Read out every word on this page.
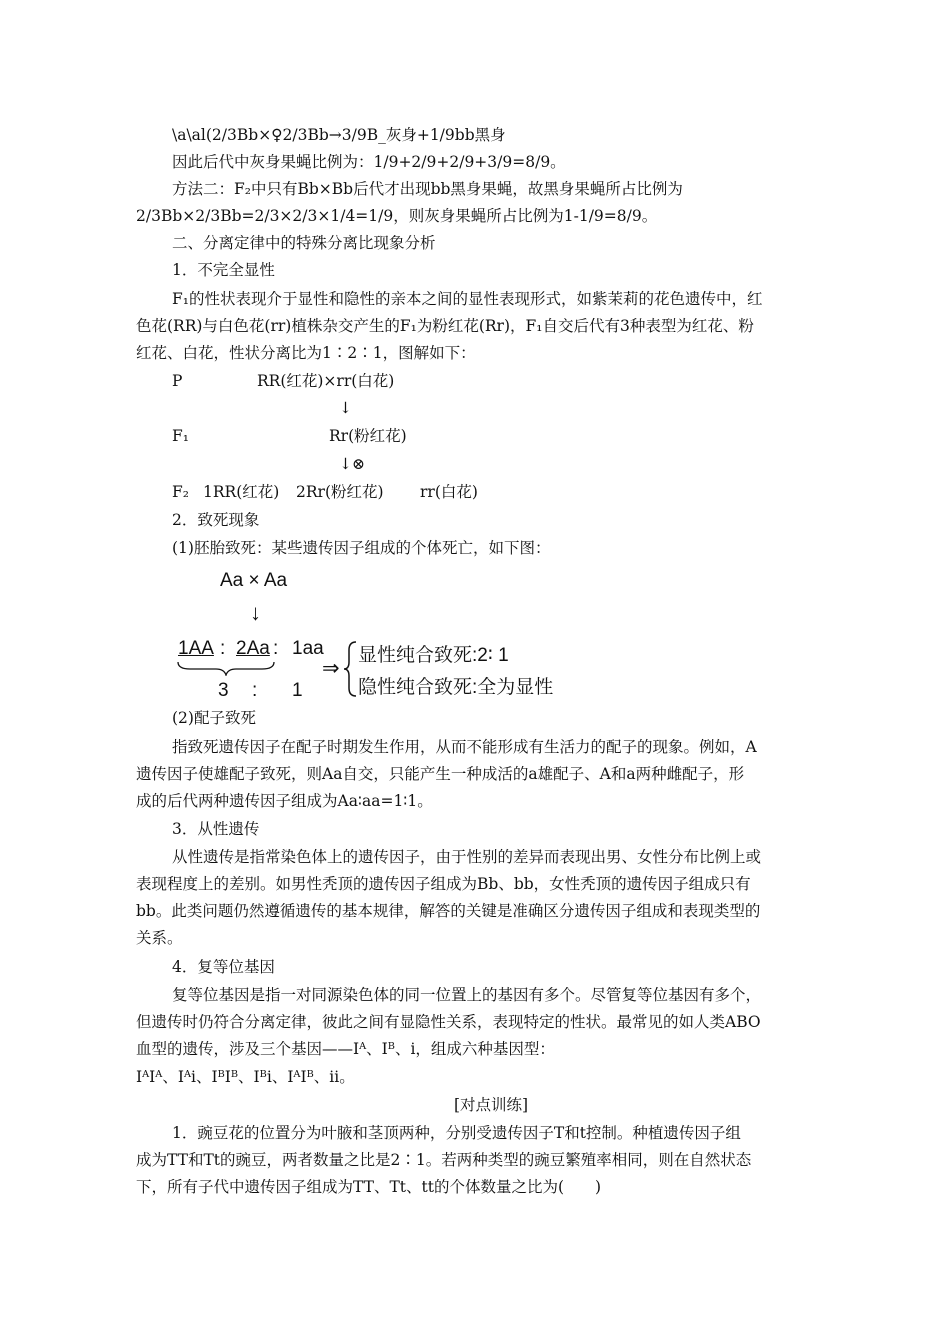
\a\al(2/3Bb×♀2/3Bb→3/9B_灰身+1/9bb黑身
因此后代中灰身果蝇比例为：1/9+2/9+2/9+3/9=8/9。
方法二：F₂中只有Bb×Bb后代才出现bb黑身果蝇，故黑身果蝇所占比例为
2/3Bb×2/3Bb=2/3×2/3×1/4=1/9，则灰身果蝇所占比例为1-1/9=8/9。
二、分离定律中的特殊分离比现象分析
1．不完全显性
F₁的性状表现介于显性和隐性的亲本之间的显性表现形式，如紫茉莉的花色遗传中，红
色花(RR)与白色花(rr)植株杂交产生的F₁为粉红花(Rr)，F₁自交后代有3种表型为红花、粉
红花、白花，性状分离比为1∶2∶1，图解如下：
P	RR(红花)×rr(白花)
↓
F₁	Rr(粉红花)
↓⊗
F₂ 1RR(红花) 2Rr(粉红花) rr(白花)
2．致死现象
(1)胚胎致死：某些遗传因子组成的个体死亡，如下图：
Aa × Aa
↓
1AA : 2Aa : 1aa
3 : 1
⇒
显性纯合致死:2∶ 1
隐性纯合致死:全为显性
(2)配子致死
指致死遗传因子在配子时期发生作用，从而不能形成有生活力的配子的现象。例如，A
遗传因子使雄配子致死，则Aa自交，只能产生一种成活的a雄配子、A和a两种雌配子，形
成的后代两种遗传因子组成为Aa∶aa=1∶1。
3．从性遗传
从性遗传是指常染色体上的遗传因子，由于性别的差异而表现出男、女性分布比例上或
表现程度上的差别。如男性秃顶的遗传因子组成为Bb、bb，女性秃顶的遗传因子组成只有
bb。此类问题仍然遵循遗传的基本规律，解答的关键是准确区分遗传因子组成和表现类型的
关系。
4．复等位基因
复等位基因是指一对同源染色体的同一位置上的基因有多个。尽管复等位基因有多个，
但遗传时仍符合分离定律，彼此之间有显隐性关系，表现特定的性状。最常见的如人类ABO
血型的遗传，涉及三个基因——Iᴬ、Iᴮ、i，组成六种基因型：
IᴬIᴬ、Iᴬi、IᴮIᴮ、Iᴮi、IᴬIᴮ、ii。
[对点训练]
1．豌豆花的位置分为叶腋和茎顶两种，分别受遗传因子T和t控制。种植遗传因子组
成为TT和Tt的豌豆，两者数量之比是2∶1。若两种类型的豌豆繁殖率相同，则在自然状态
下，所有子代中遗传因子组成为TT、Tt、tt的个体数量之比为(　　)
